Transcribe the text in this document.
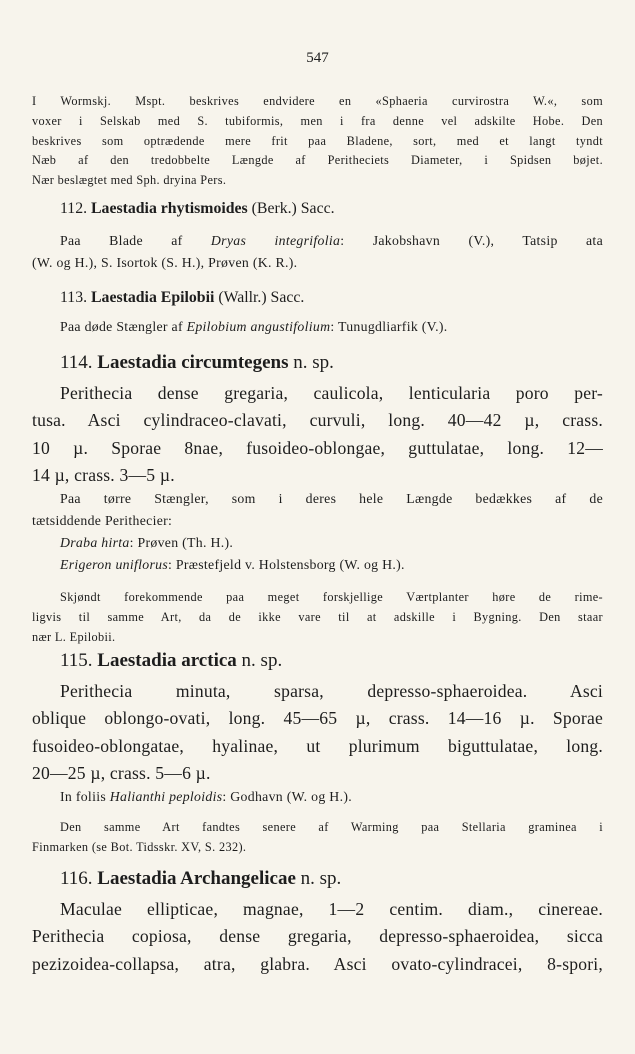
547
I Wormskj. Mspt. beskrives endvidere en «Sphaeria curvirostra W.«, som
voxer i Selskab med S. tubiformis, men i fra denne vel adskilte Hobe. Den
beskrives som optrædende mere frit paa Bladene, sort, med et langt tyndt
Næb af den tredobbelte Længde af Peritheciets Diameter, i Spidsen bøjet.
Nær beslægtet med Sph. dryina Pers.
112. Laestadia rhytismoides (Berk.) Sacc.
Paa Blade af Dryas integrifolia: Jakobshavn (V.), Tatsip ata
(W. og H.), S. Isortok (S. H.), Prøven (K. R.).
113. Laestadia Epilobii (Wallr.) Sacc.
Paa døde Stængler af Epilobium angustifolium: Tunugdliarfik (V.).
114. Laestadia circumtegens n. sp.
Perithecia dense gregaria, caulicola, lenticularia poro per-
tusa. Asci cylindraceo-clavati, curvuli, long. 40—42 µ, crass.
10 µ. Sporae 8nae, fusoideo-oblongae, guttulatae, long. 12—
14 µ, crass. 3—5 µ.
Paa tørre Stængler, som i deres hele Længde bedækkes af de
tætsiddende Perithecier:
Draba hirta: Prøven (Th. H.).
Erigeron uniflorus: Præstefjeld v. Holstensborg (W. og H.).
Skjøndt forekommende paa meget forskjellige Værtplanter høre de rime-
ligvis til samme Art, da de ikke vare til at adskille i Bygning. Den staar
nær L. Epilobii.
115. Laestadia arctica n. sp.
Perithecia minuta, sparsa, depresso-sphaeroidea. Asci
oblique oblongo-ovati, long. 45—65 µ, crass. 14—16 µ. Sporae
fusoideo-oblongatae, hyalinae, ut plurimum biguttulatae, long.
20—25 µ, crass. 5—6 µ.
In foliis Halianthi peploidis: Godhavn (W. og H.).
Den samme Art fandtes senere af Warming paa Stellaria graminea i
Finmarken (se Bot. Tidsskr. XV, S. 232).
116. Laestadia Archangelicae n. sp.
Maculae ellipticae, magnae, 1—2 centim. diam., cinereae.
Perithecia copiosa, dense gregaria, depresso-sphaeroidea, sicca
pezizoidea-collapsa, atra, glabra. Asci ovato-cylindracei, 8-spori,
